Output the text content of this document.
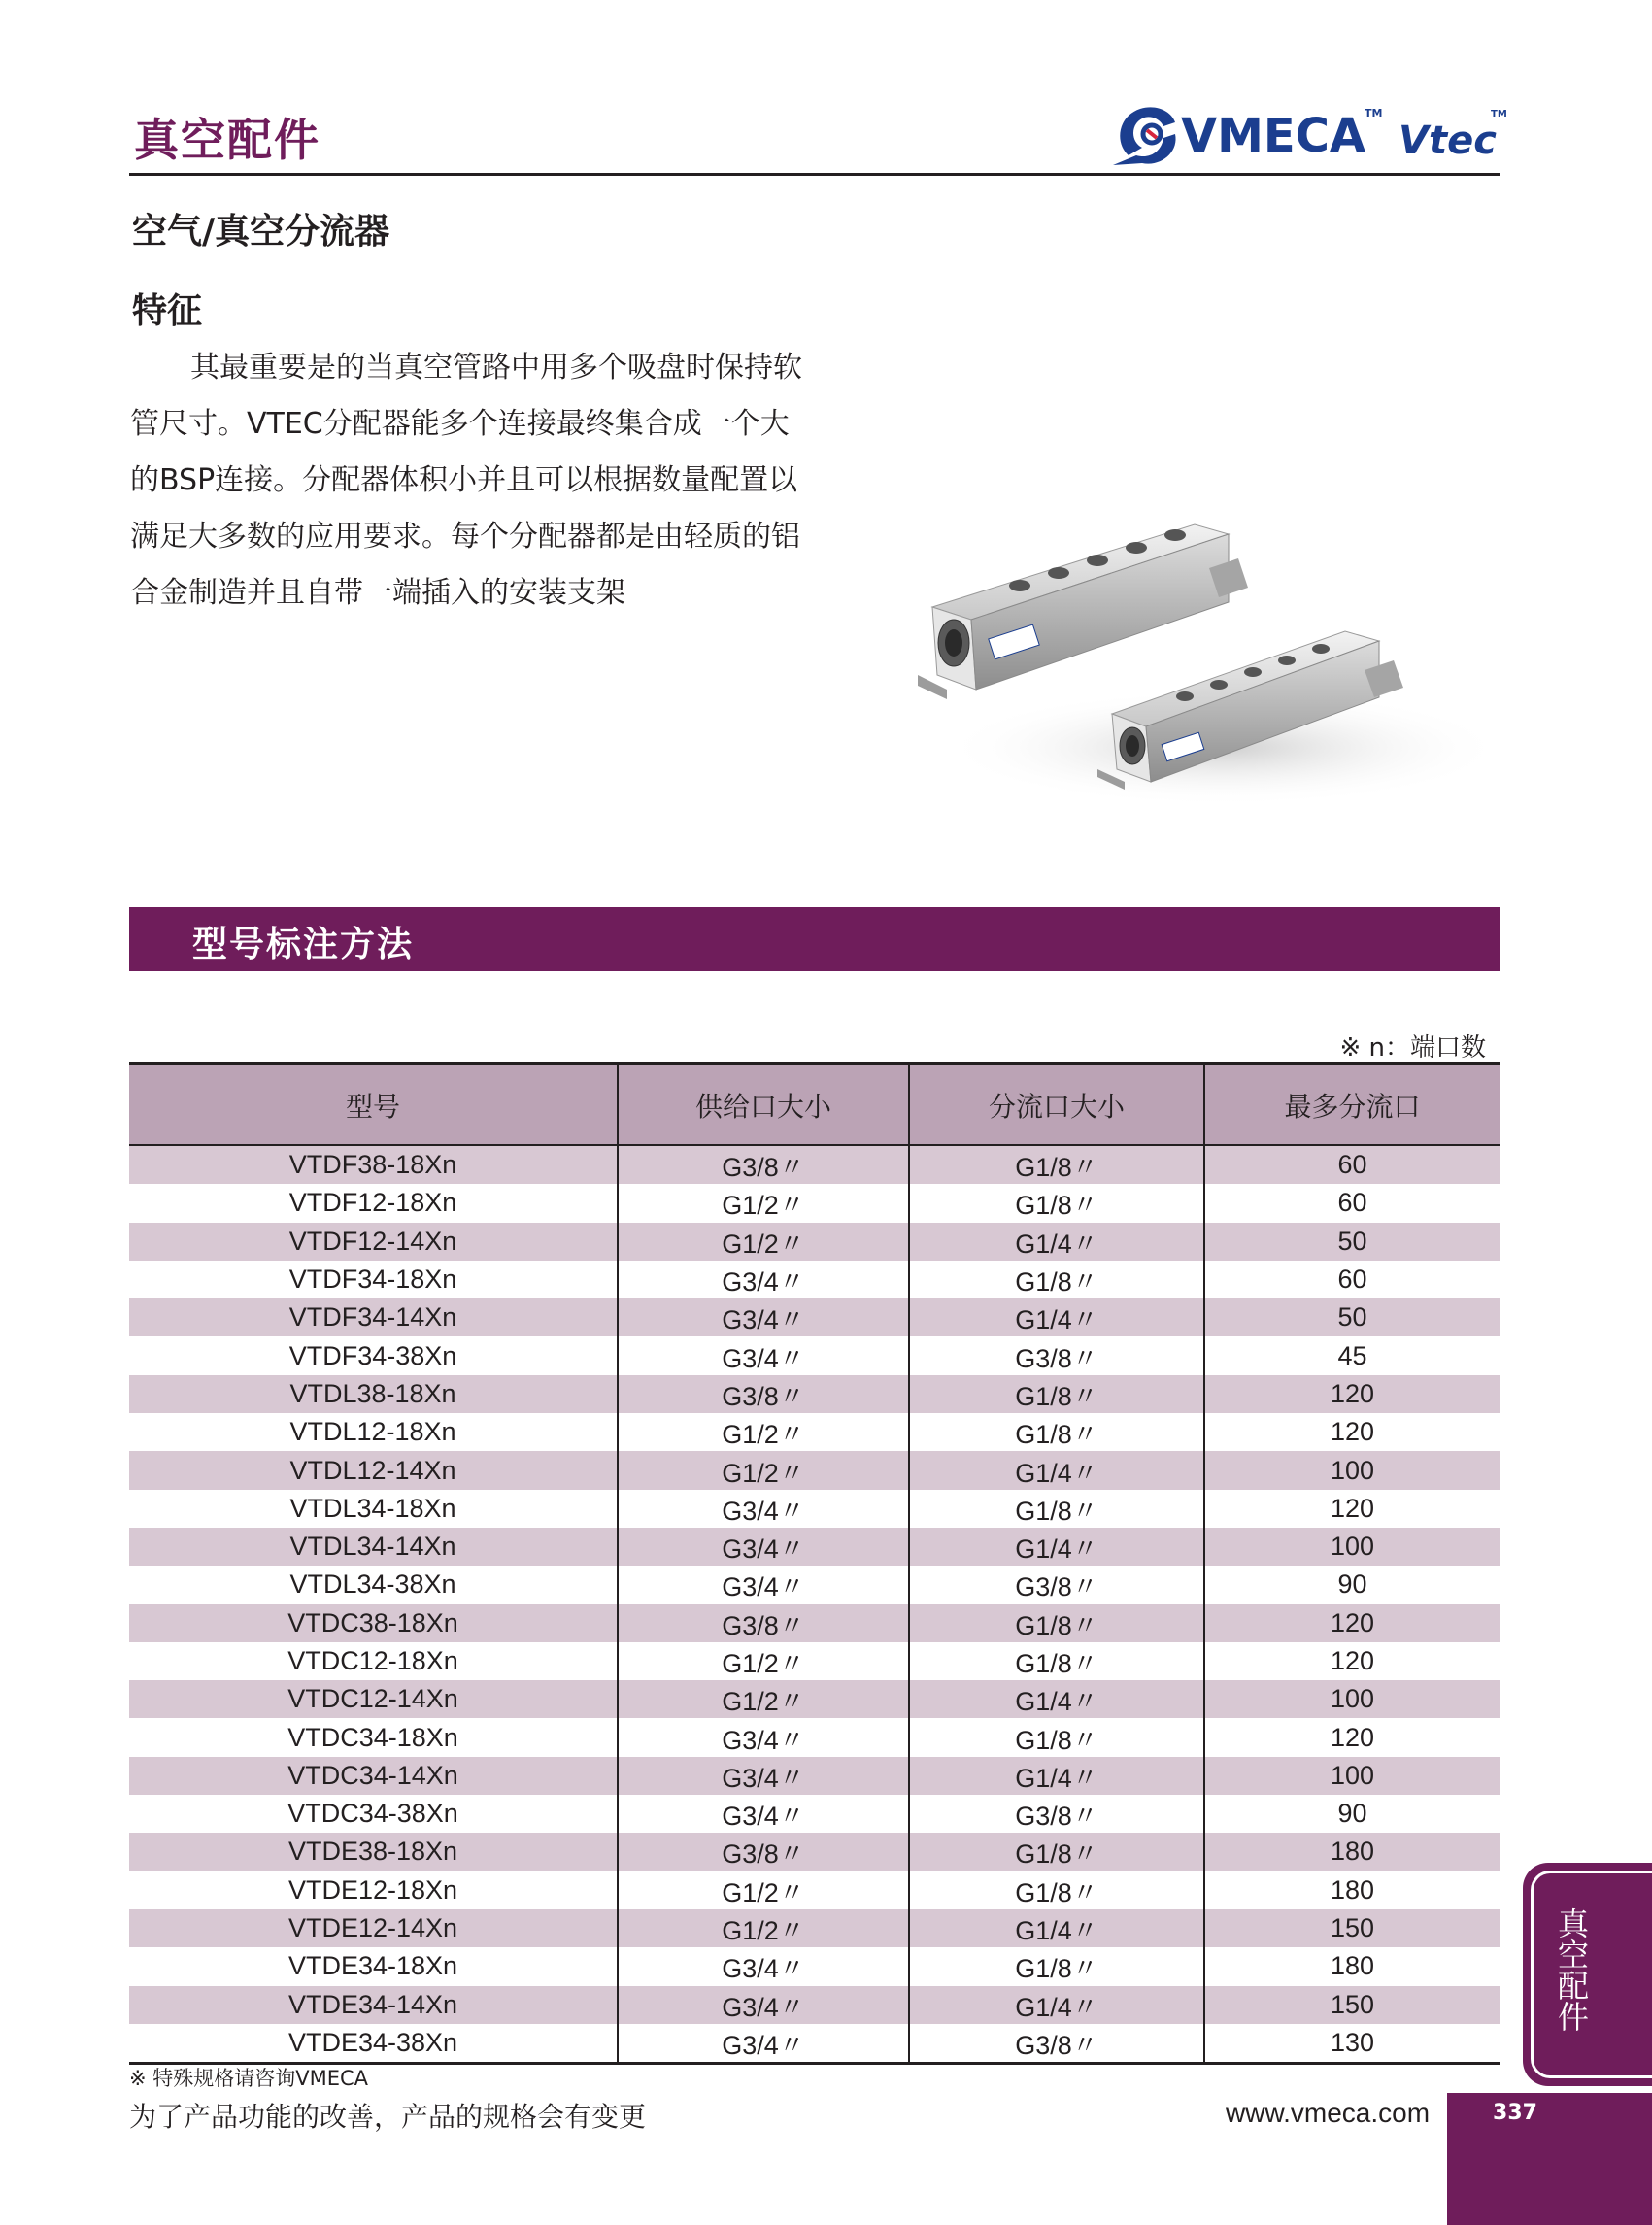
真空配件	VMECA
TM
Vtec
TM
空气/真空分流器
特征

其最重要是的当真空管路中用多个吸盘时保持软管尺寸。VTEC分配器能多个连接最终集合成一个大的BSP连接。分配器体积小并且可以根据数量配置以满足大多数的应用要求。每个分配器都是由轻质的铝合金制造并且自带一端插入的安装支架

型号标注方法
※ n：端口数
型号	供给口大小	分流口大小	最多分流口
VTDF38-18Xn	G3/8〃	G1/8〃	60
VTDF12-18Xn	G1/2〃	G1/8〃	60
VTDF12-14Xn	G1/2〃	G1/4〃	50
VTDF34-18Xn	G3/4〃	G1/8〃	60
VTDF34-14Xn	G3/4〃	G1/4〃	50
VTDF34-38Xn	G3/4〃	G3/8〃	45
VTDL38-18Xn	G3/8〃	G1/8〃	120
VTDL12-18Xn	G1/2〃	G1/8〃	120
VTDL12-14Xn	G1/2〃	G1/4〃	100
VTDL34-18Xn	G3/4〃	G1/8〃	120
VTDL34-14Xn	G3/4〃	G1/4〃	100
VTDL34-38Xn	G3/4〃	G3/8〃	90
VTDC38-18Xn	G3/8〃	G1/8〃	120
VTDC12-18Xn	G1/2〃	G1/8〃	120
VTDC12-14Xn	G1/2〃	G1/4〃	100
VTDC34-18Xn	G3/4〃	G1/8〃	120
VTDC34-14Xn	G3/4〃	G1/4〃	100
VTDC34-38Xn	G3/4〃	G3/8〃	90
VTDE38-18Xn	G3/8〃	G1/8〃	180
VTDE12-18Xn	G1/2〃	G1/8〃	180
VTDE12-14Xn	G1/2〃	G1/4〃	150
VTDE34-18Xn	G3/4〃	G1/8〃	180
VTDE34-14Xn	G3/4〃	G1/4〃	150
VTDE34-38Xn	G3/4〃	G3/8〃	130
※ 特殊规格请咨询VMECA
为了产品功能的改善，产品的规格会有变更	www.vmeca.com	337
真空配件
